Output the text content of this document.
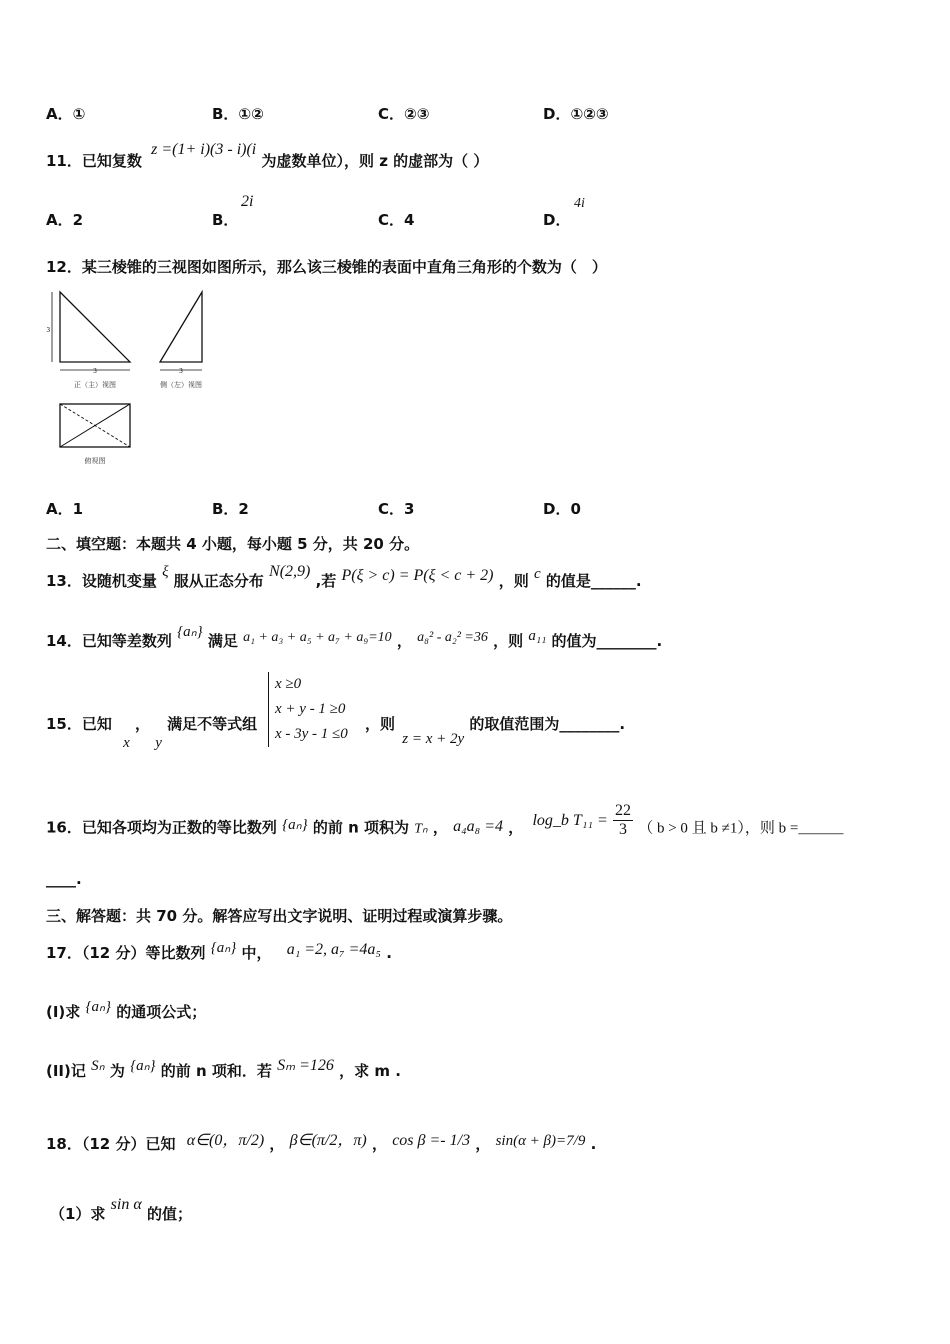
A．①	B．①②	C．②③	D．①②③
11．已知复数 z =(1+ i)(3 - i)(i 为虚数单位），则 z 的虚部为（ ）
A．2	B．
2i
C．4	D．
4i
12．某三棱锥的三视图如图所示，那么该三棱锥的表面中直角三角形的个数为（　）
3
3
正（主）视图
3
侧（左）视图
俯视图
A．1	B．2	C．3	D．0
二、填空题：本题共 4 小题，每小题 5 分，共 20 分。
13．设随机变量 ξ 服从正态分布 N(2,9) ,若 P(ξ > c) = P(ξ < c + 2) ，则 c 的值是______.
14．已知等差数列 {aₙ} 满足 a₁ + a₃ + a₅ + a₇ + a₉=10 ， a₈² - a₂² =36 ，则 a₁₁ 的值为________.
15．已知 x ， y 满足不等式组
x ≥0
x + y - 1 ≥0
x - 3y - 1 ≤0
，则 z = x + 2y 的取值范围为________.
16．已知各项均为正数的等比数列 {aₙ} 的前 n 项积为 Tₙ ， a₄a₈ =4 ， log_b $T_{11} = \frac{22}{3}$ （ b > 0 且 b ≠1），则 b =______
____.
三、解答题：共 70 分。解答应写出文字说明、证明过程或演算步骤。
17．（12 分）等比数列 {aₙ} 中， a₁ =2, a₇ =4a₅ .
(I)求 {aₙ} 的通项公式；
(II)记 Sₙ 为 {aₙ} 的前 n 项和．若 Sₘ =126 ，求 m .
18．（12 分）已知 α∈(0，π/2) ， β∈(π/2，π) ， cos β =- 1/3 ， sin(α + β)=7/9 .
（1）求 sin α 的值；
